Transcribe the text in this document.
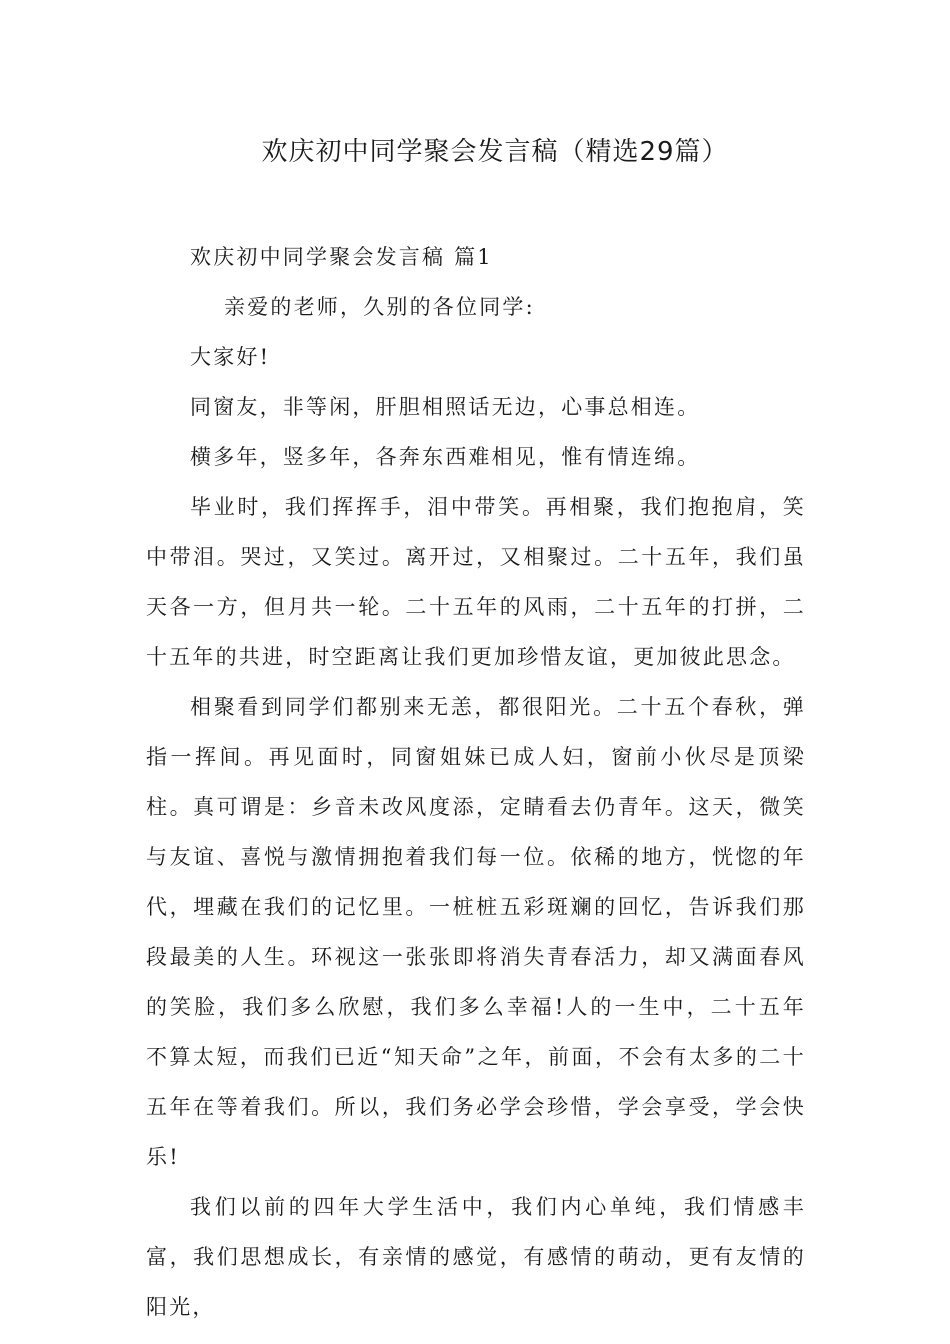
欢庆初中同学聚会发言稿（精选29篇）

欢庆初中同学聚会发言稿 篇1

亲爱的老师，久别的各位同学:

大家好!

同窗友，非等闲，肝胆相照话无边，心事总相连。

横多年，竖多年，各奔东西难相见，惟有情连绵。

毕业时，我们挥挥手，泪中带笑。再相聚，我们抱抱肩，笑中带泪。哭过，又笑过。离开过，又相聚过。二十五年，我们虽天各一方，但月共一轮。二十五年的风雨，二十五年的打拼，二十五年的共进，时空距离让我们更加珍惜友谊，更加彼此思念。

相聚看到同学们都别来无恙，都很阳光。二十五个春秋，弹指一挥间。再见面时，同窗姐妹已成人妇，窗前小伙尽是顶梁柱。真可谓是：乡音未改风度添，定睛看去仍青年。这天，微笑与友谊、喜悦与激情拥抱着我们每一位。依稀的地方，恍惚的年代，埋藏在我们的记忆里。一桩桩五彩斑斓的回忆，告诉我们那段最美的人生。环视这一张张即将消失青春活力，却又满面春风的笑脸，我们多么欣慰，我们多么幸福!人的一生中，二十五年不算太短，而我们已近“知天命”之年，前面，不会有太多的二十五年在等着我们。所以，我们务必学会珍惜，学会享受，学会快乐!

我们以前的四年大学生活中，我们内心单纯，我们情感丰富，我们思想成长，有亲情的感觉，有感情的萌动，更有友情的阳光，
